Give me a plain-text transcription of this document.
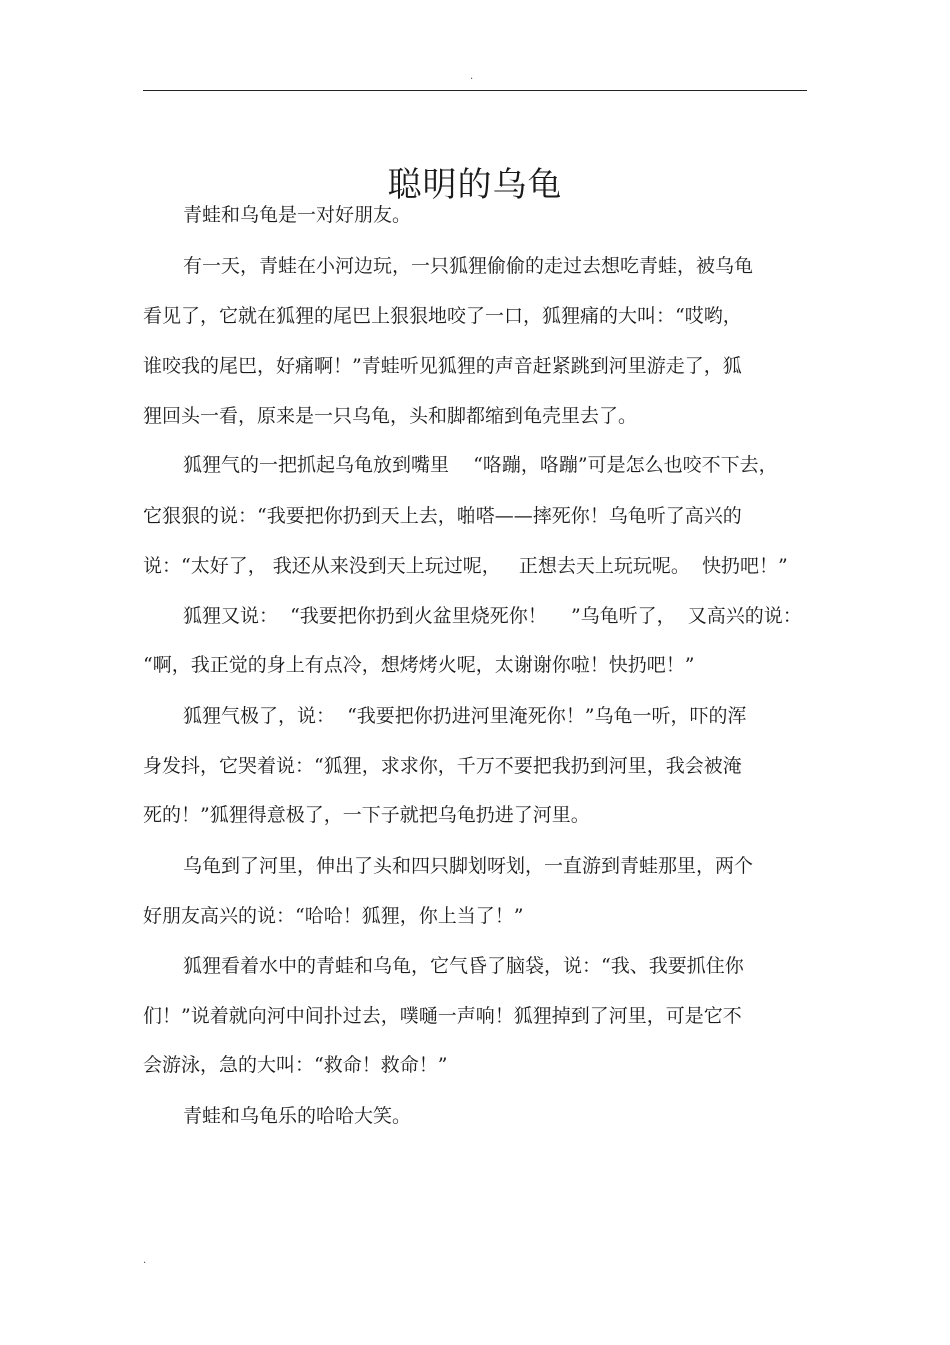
.
聪明的乌龟
青蛙和乌龟是一对好朋友。
有一天，青蛙在小河边玩，一只狐狸偷偷的走过去想吃青蛙，被乌龟
看见了，它就在狐狸的尾巴上狠狠地咬了一口，狐狸痛的大叫：“哎哟，
谁咬我的尾巴，好痛啊！”青蛙听见狐狸的声音赶紧跳到河里游走了，狐
狸回头一看，原来是一只乌龟，头和脚都缩到龟壳里去了。
狐狸气的一把抓起乌龟放到嘴里    “咯蹦，咯蹦”可是怎么也咬不下去，
它狠狠的说：“我要把你扔到天上去，啪嗒——摔死你！乌龟听了高兴的
说：“太好了， 我还从来没到天上玩过呢，   正想去天上玩玩呢。  快扔吧！”
狐狸又说：  “我要把你扔到火盆里烧死你！    ”乌龟听了，  又高兴的说：
“啊，我正觉的身上有点冷，想烤烤火呢，太谢谢你啦！快扔吧！”
狐狸气极了，说：  “我要把你扔进河里淹死你！”乌龟一听，吓的浑
身发抖，它哭着说：“狐狸，求求你，千万不要把我扔到河里，我会被淹
死的！”狐狸得意极了，一下子就把乌龟扔进了河里。
乌龟到了河里，伸出了头和四只脚划呀划，一直游到青蛙那里，两个
好朋友高兴的说：“哈哈！狐狸，你上当了！”
狐狸看着水中的青蛙和乌龟，它气昏了脑袋，说：“我、我要抓住你
们！”说着就向河中间扑过去，噗嗵一声响！狐狸掉到了河里，可是它不
会游泳，急的大叫：“救命！救命！”
青蛙和乌龟乐的哈哈大笑。
.
